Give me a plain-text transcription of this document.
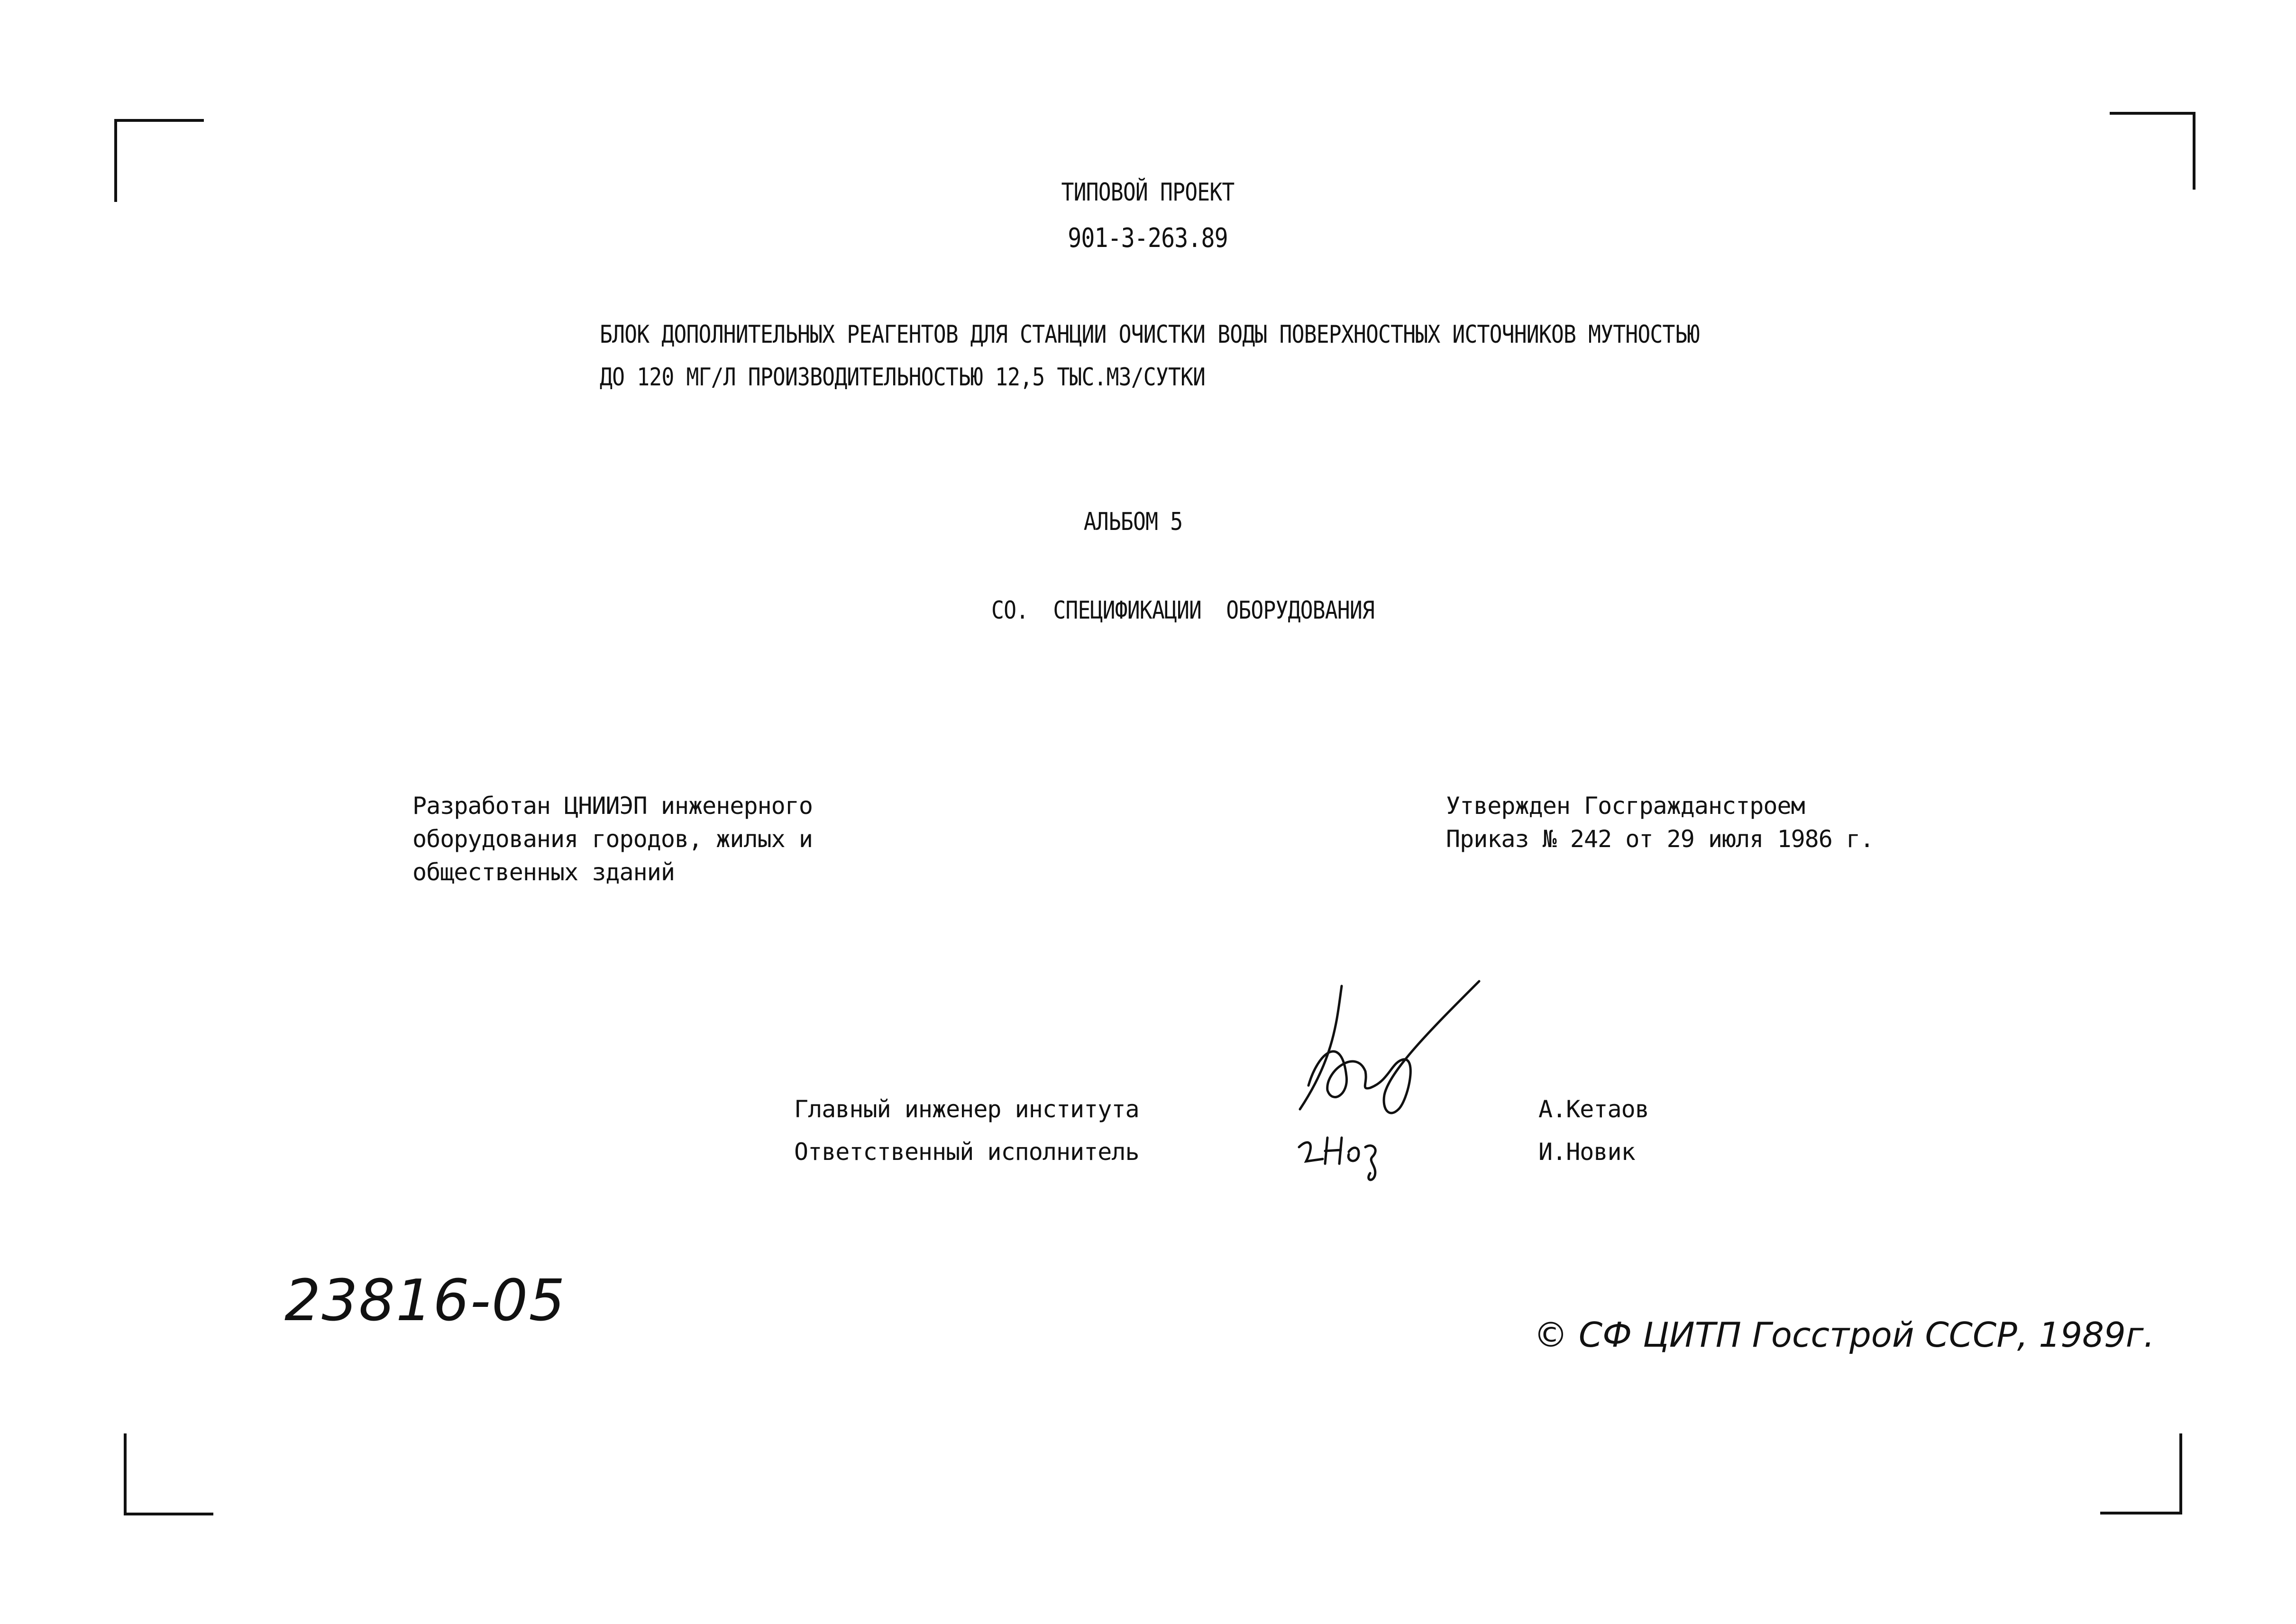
ТИПОВОЙ ПРОЕКТ
901-3-263.89
БЛОК ДОПОЛНИТЕЛЬНЫХ РЕАГЕНТОВ ДЛЯ СТАНЦИИ ОЧИСТКИ ВОДЫ ПОВЕРХНОСТНЫХ ИСТОЧНИКОВ МУТНОСТЬЮ
ДО 120 МГ/Л ПРОИЗВОДИТЕЛЬНОСТЬЮ 12,5 ТЫС.М3/СУТКИ
АЛЬБОМ 5
СО.  СПЕЦИФИКАЦИИ  ОБОРУДОВАНИЯ
Разработан ЦНИИЭП инженерного
оборудования городов, жилых и
общественных зданий
Утвержден Госгражданстроем
Приказ № 242 от 29 июля 1986 г.
Главный инженер института	А.Кетаов
Ответственный исполнитель	И.Новик
23816-05
© СФ ЦИТП Госстрой СССР, 1989г.
